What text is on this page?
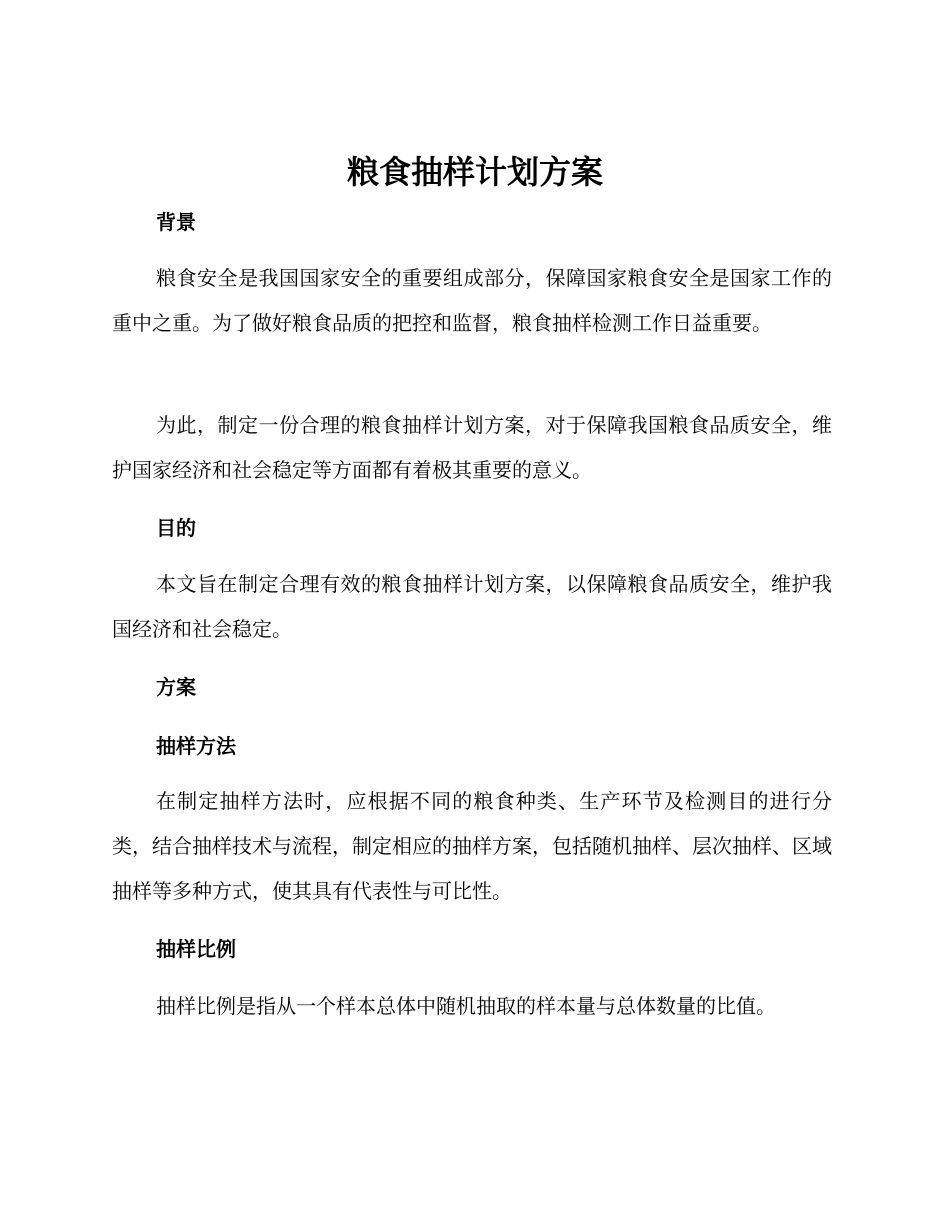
粮食抽样计划方案
背景

粮食安全是我国国家安全的重要组成部分，保障国家粮食安全是国家工作的重中之重。为了做好粮食品质的把控和监督，粮食抽样检测工作日益重要。

为此，制定一份合理的粮食抽样计划方案，对于保障我国粮食品质安全，维护国家经济和社会稳定等方面都有着极其重要的意义。

目的

本文旨在制定合理有效的粮食抽样计划方案，以保障粮食品质安全，维护我国经济和社会稳定。

方案
抽样方法

在制定抽样方法时，应根据不同的粮食种类、生产环节及检测目的进行分类，结合抽样技术与流程，制定相应的抽样方案，包括随机抽样、层次抽样、区域抽样等多种方式，使其具有代表性与可比性。

抽样比例

抽样比例是指从一个样本总体中随机抽取的样本量与总体数量的比值。
